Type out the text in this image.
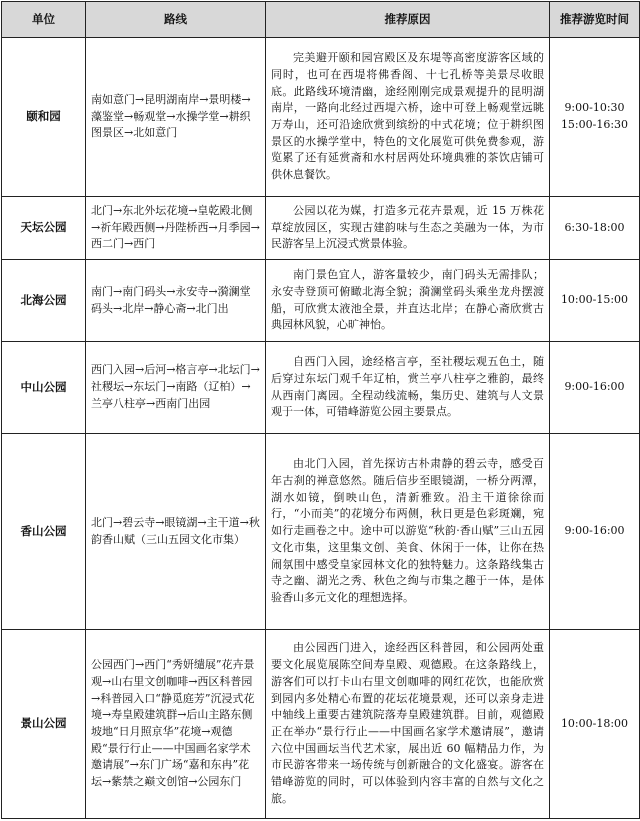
单位	路线	推荐原因	推荐游览时间
颐和园	南如意门→昆明湖南岸→景明楼→藻鉴堂→畅观堂→水操学堂→耕织图景区→北如意门	完美避开颐和园宫殿区及东堤等高密度游客区域的同时，也可在西堤将佛香阁、十七孔桥等美景尽收眼底。此路线环境清幽，途经刚刚完成景观提升的昆明湖南岸，一路向北经过西堤六桥，途中可登上畅观堂远眺万寿山，还可沿途欣赏到缤纷的中式花境；位于耕织图景区的水操学堂中，特色的文化展览可供免费参观，游览累了还有延赏斋和水村居两处环境典雅的茶饮店铺可供休息餐饮。	9:00-10:30
15:00-16:30

天坛公园	北门→东北外坛花境→皇乾殿北侧→祈年殿西侧→丹陛桥西→月季园→西二门→西门	公园以花为媒，打造多元花卉景观，近 15 万株花草绽放园区，实现古建韵味与生态之美融为一体，为市民游客呈上沉浸式赏景体验。	6:30-18:00

北海公园	南门→南门码头→永安寺→漪澜堂码头→北岸→静心斋→北门出	南门景色宜人，游客量较少，南门码头无需排队；永安寺登顶可俯瞰北海全貌；漪澜堂码头乘坐龙舟摆渡船，可欣赏太液池全景，并直达北岸；在静心斋欣赏古典园林风貌，心旷神怡。	10:00-15:00

中山公园	西门入园→后河→格言亭→北坛门→社稷坛→东坛门→南路（辽柏）→兰亭八柱亭→西南门出园	自西门入园，途经格言亭，至社稷坛观五色土，随后穿过东坛门观千年辽柏，赏兰亭八柱亭之雅韵，最终从西南门离园。全程动线流畅，集历史、建筑与人文景观于一体，可错峰游览公园主要景点。	9:00-16:00

香山公园	北门→碧云寺→眼镜湖→主干道→秋韵香山赋（三山五园文化市集）	由北门入园，首先探访古朴肃静的碧云寺，感受百年古刹的禅意悠然。随后信步至眼镜湖，一桥分两潭，湖水如镜，倒映山色，清新雅致。沿主干道徐徐而行，“小而美”的花境分布两侧，秋日更是色彩斑斓，宛如行走画卷之中。途中可以游览“秋韵·香山赋”三山五园文化市集，这里集文创、美食、休闲于一体，让你在热闹氛围中感受皇家园林文化的独特魅力。这条路线集古寺之幽、湖光之秀、秋色之绚与市集之趣于一体，是体验香山多元文化的理想选择。	9:00-16:00

景山公园	公园西门→西门“秀妍缱展”花卉景观→山右里文创咖啡→西区科普园→科普园入口“静觅庭芳”沉浸式花境→寿皇殿建筑群→后山主路东侧坡地“日月照京华”花境→观德殿“景行行止——中国画名家学术邀请展”→东门广场“嘉和东冉”花坛→紫禁之巅文创馆→公园东门	由公园西门进入，途经西区科普园，和公园两处重要文化展览展陈空间寿皇殿、观德殿。在这条路线上，游客们可以打卡山右里文创咖啡的网红花饮，也能欣赏到园内多处精心布置的花坛花境景观，还可以亲身走进中轴线上重要古建筑院落寿皇殿建筑群。目前，观德殿正在举办“景行行止——中国画名家学术邀请展”，邀请六位中国画坛当代艺术家，展出近 60 幅精品力作，为市民游客带来一场传统与创新融合的文化盛宴。游客在错峰游览的同时，可以体验到内容丰富的自然与文化之旅。	10:00-18:00
